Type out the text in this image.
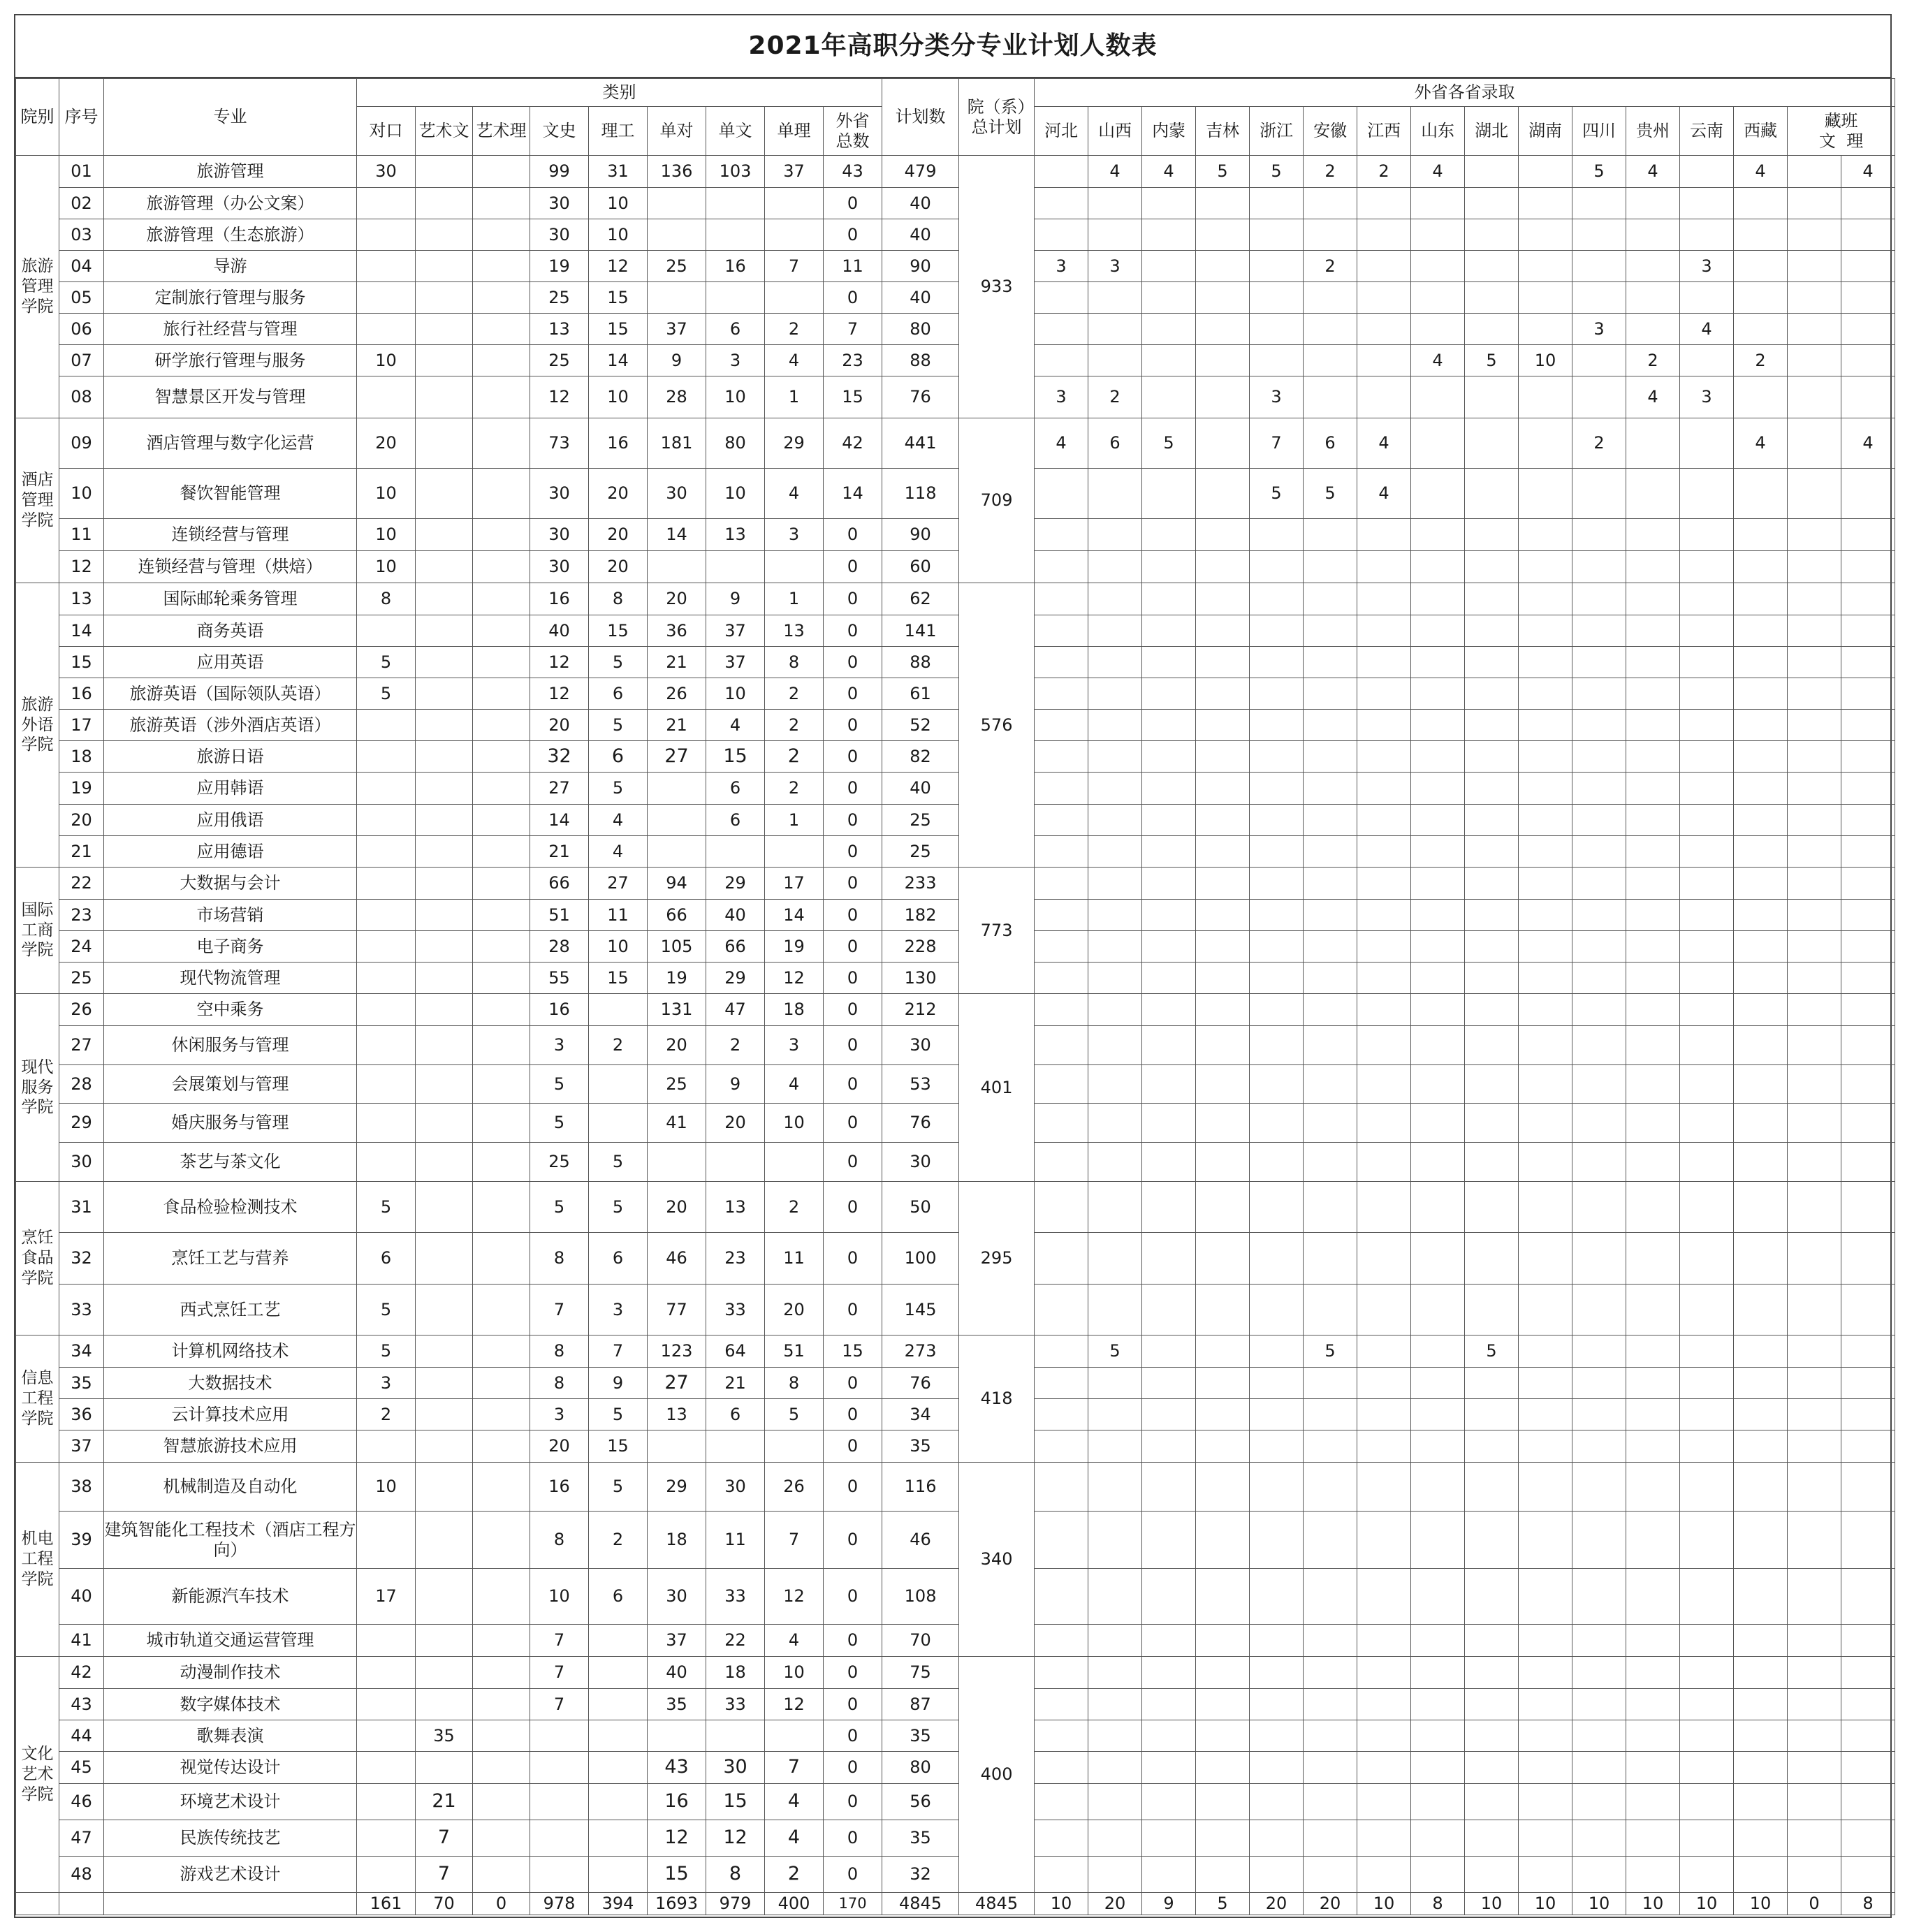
2021年高职分类分专业计划人数表
院别	序号	专业	类别									计划数	院（系）总计划	外省各省录取															
			对口	艺术文	艺术理	文史	理工	单对	单文	单理	外省总数			河北	山西	内蒙	吉林	浙江	安徽	江西	山东	湖北	湖南	四川	贵州	云南	西藏	藏班
文 理	

旅游管理学院	01	旅游管理	30			99	31	136	103	37	43	479	933		4	4	5	5	2	2	4			5	4		4		4
	02	旅游管理（办公文案）				30	10				0	40																	
	03	旅游管理（生态旅游）				30	10				0	40																	
	04	导游				19	12	25	16	7	11	90		3	3				2							3			
	05	定制旅行管理与服务				25	15				0	40																	
	06	旅行社经营与管理				13	15	37	6	2	7	80												3		4			
	07	研学旅行管理与服务	10			25	14	9	3	4	23	88									4	5	10		2		2		
	08	智慧景区开发与管理				12	10	28	10	1	15	76		3	2			3							4	3			
酒店管理学院	09	酒店管理与数字化运营	20			73	16	181	80	29	42	441	709	4	6	5		7	6	4				2			4		4
	10	餐饮智能管理	10			30	20	30	10	4	14	118						5	5	4									
	11	连锁经营与管理	10			30	20	14	13	3	0	90																	
	12	连锁经营与管理（烘焙）	10			30	20				0	60																	
旅游外语学院	13	国际邮轮乘务管理	8			16	8	20	9	1	0	62	576																
	14	商务英语				40	15	36	37	13	0	141																	
	15	应用英语	5			12	5	21	37	8	0	88																	
	16	旅游英语（国际领队英语）	5			12	6	26	10	2	0	61																	
	17	旅游英语（涉外酒店英语）				20	5	21	4	2	0	52																	
	18	旅游日语				32	6	27	15	2	0	82																	
	19	应用韩语				27	5		6	2	0	40																	
	20	应用俄语				14	4		6	1	0	25																	
	21	应用德语				21	4				0	25																	
国际工商学院	22	大数据与会计				66	27	94	29	17	0	233	773																
	23	市场营销				51	11	66	40	14	0	182																	
	24	电子商务				28	10	105	66	19	0	228																	
	25	现代物流管理				55	15	19	29	12	0	130																	
现代服务学院	26	空中乘务				16		131	47	18	0	212	401																
	27	休闲服务与管理				3	2	20	2	3	0	30																	
	28	会展策划与管理				5		25	9	4	0	53																	
	29	婚庆服务与管理				5		41	20	10	0	76																	
	30	茶艺与茶文化				25	5				0	30																	
烹饪食品学院	31	食品检验检测技术	5			5	5	20	13	2	0	50	295																
	32	烹饪工艺与营养	6			8	6	46	23	11	0	100																	
	33	西式烹饪工艺	5			7	3	77	33	20	0	145																	
信息工程学院	34	计算机网络技术	5			8	7	123	64	51	15	273	418		5				5			5							
	35	大数据技术	3			8	9	27	21	8	0	76																	
	36	云计算技术应用	2			3	5	13	6	5	0	34																	
	37	智慧旅游技术应用				20	15				0	35																	
机电工程学院	38	机械制造及自动化	10			16	5	29	30	26	0	116	340																
	39	建筑智能化工程技术（酒店工程方向）				8	2	18	11	7	0	46																	
	40	新能源汽车技术	17			10	6	30	33	12	0	108																	
	41	城市轨道交通运营管理				7		37	22	4	0	70																	
文化艺术学院	42	动漫制作技术				7		40	18	10	0	75	400																
	43	数字媒体技术				7		35	33	12	0	87																	
	44	歌舞表演		35							0	35																	
	45	视觉传达设计						43	30	7	0	80																	
	46	环境艺术设计		21				16	15	4	0	56																	
	47	民族传统技艺		7				12	12	4	0	35																	
	48	游戏艺术设计		7				15	8	2	0	32																	
			161	70	0	978	394	1693	979	400	170	4845	4845	10	20	9	5	20	20	10	8	10	10	10	10	10	10	0	8
